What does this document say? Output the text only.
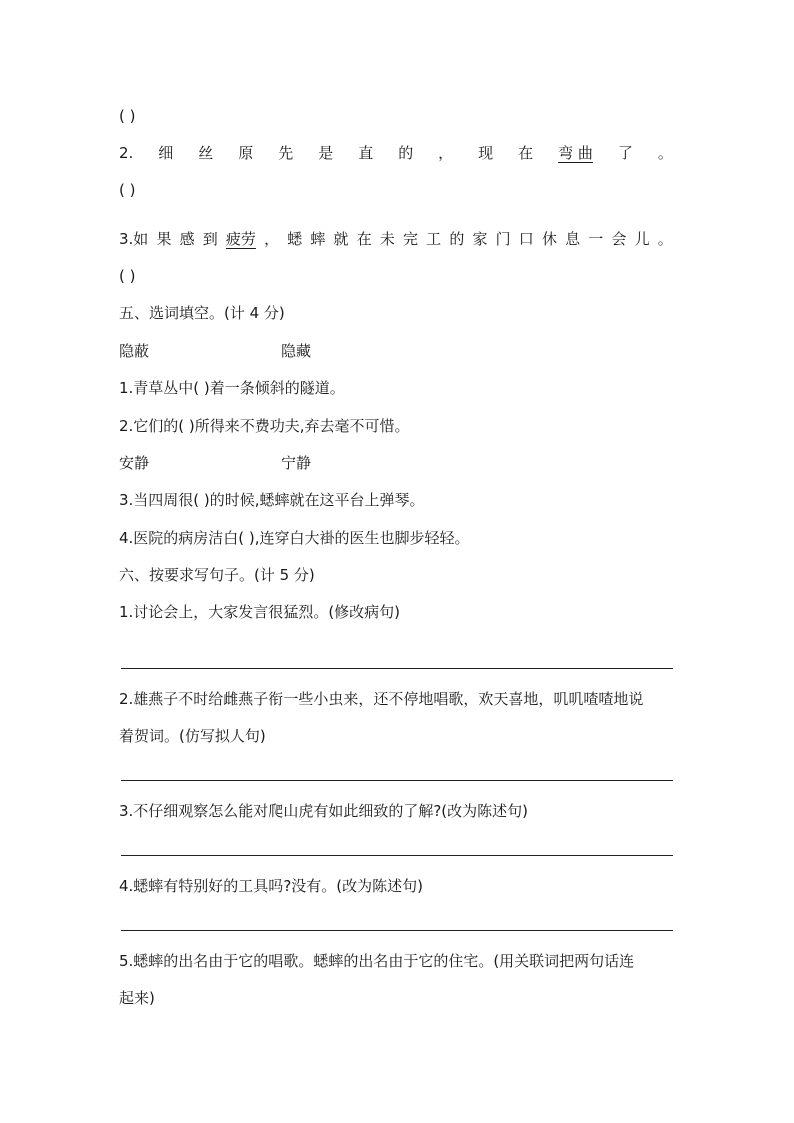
( )
2. 细 丝 原 先 是 直 的 ， 现 在 弯 曲 了 。
( )
3.如 果 感 到 疲劳 ， 蟋 蟀 就 在 未 完 工 的 家 门 口 休 息 一 会 儿 。
( )
五、选词填空。(计 4 分)
隐蔽	隐藏
1.青草丛中( )着一条倾斜的隧道。
2.它们的( )所得来不费功夫,弃去毫不可惜。
安静	宁静
3.当四周很( )的时候,蟋蟀就在这平台上弹琴。
4.医院的病房洁白( ),连穿白大褂的医生也脚步轻轻。
六、按要求写句子。(计 5 分)
1.讨论会上，大家发言很猛烈。(修改病句)
2.雄燕子不时给雌燕子衔一些小虫来，还不停地唱歌，欢天喜地，叽叽喳喳地说
着贺词。(仿写拟人句)
3.不仔细观察怎么能对爬山虎有如此细致的了解?(改为陈述句)
4.蟋蟀有特别好的工具吗?没有。(改为陈述句)
5.蟋蟀的出名由于它的唱歌。蟋蟀的出名由于它的住宅。(用关联词把两句话连
起来)
